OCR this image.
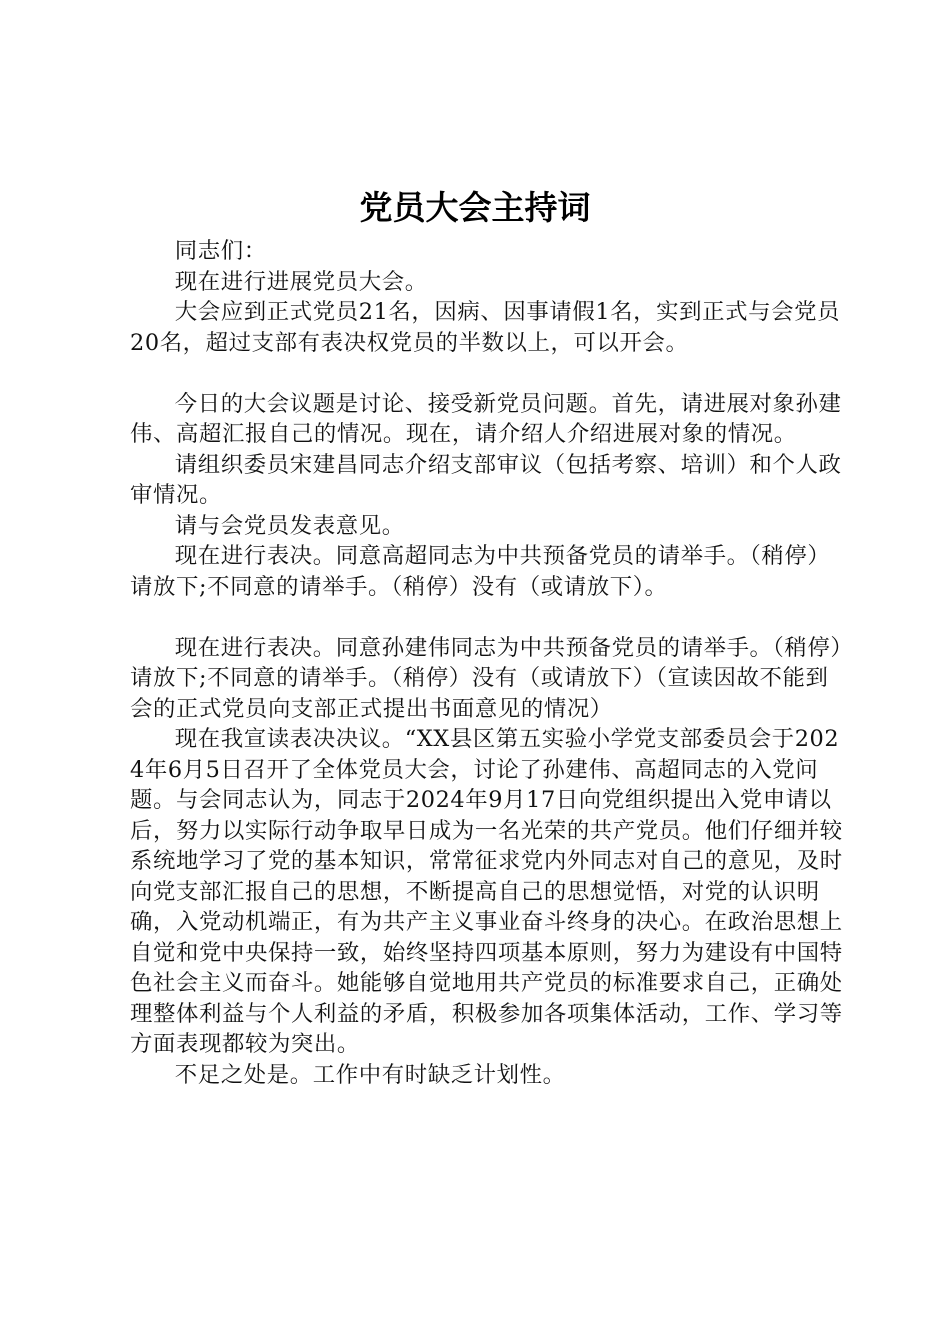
党员大会主持词

同志们：

现在进行进展党员大会。

大会应到正式党员21名，因病、因事请假1名，实到正式与会党员20名，超过支部有表决权党员的半数以上，可以开会。

今日的大会议题是讨论、接受新党员问题。首先，请进展对象孙建伟、高超汇报自己的情况。现在，请介绍人介绍进展对象的情况。

请组织委员宋建昌同志介绍支部审议（包括考察、培训）和个人政审情况。

请与会党员发表意见。

现在进行表决。同意高超同志为中共预备党员的请举手。（稍停）请放下;不同意的请举手。（稍停）没有（或请放下）。

现在进行表决。同意孙建伟同志为中共预备党员的请举手。（稍停）请放下;不同意的请举手。（稍停）没有（或请放下）（宣读因故不能到会的正式党员向支部正式提出书面意见的情况）

现在我宣读表决决议。“XX县区第五实验小学党支部委员会于2024年6月5日召开了全体党员大会，讨论了孙建伟、高超同志的入党问题。与会同志认为，同志于2024年9月17日向党组织提出入党申请以后，努力以实际行动争取早日成为一名光荣的共产党员。他们仔细并较系统地学习了党的基本知识，常常征求党内外同志对自己的意见，及时向党支部汇报自己的思想，不断提高自己的思想觉悟，对党的认识明确，入党动机端正，有为共产主义事业奋斗终身的决心。在政治思想上自觉和党中央保持一致，始终坚持四项基本原则，努力为建设有中国特色社会主义而奋斗。她能够自觉地用共产党员的标准要求自己，正确处理整体利益与个人利益的矛盾，积极参加各项集体活动，工作、学习等方面表现都较为突出。

不足之处是。工作中有时缺乏计划性。
